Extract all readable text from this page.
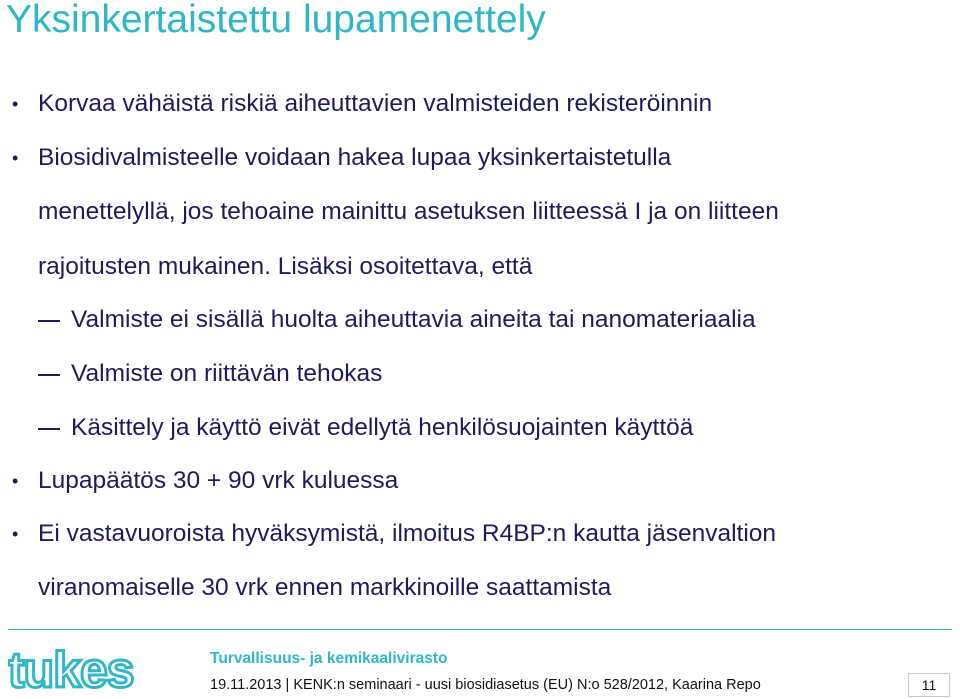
Yksinkertaistettu lupamenettely
• Korvaa vähäistä riskiä aiheuttavien valmisteiden rekisteröinnin
• Biosidivalmisteelle voidaan hakea lupaa yksinkertaistetulla
menettelyllä, jos tehoaine mainittu asetuksen liitteessä I ja on liitteen
rajoitusten mukainen. Lisäksi osoitettava, että
Valmiste ei sisällä huolta aiheuttavia aineita tai nanomateriaalia
Valmiste on riittävän tehokas
Käsittely ja käyttö eivät edellytä henkilösuojainten käyttöä
• Lupapäätös 30 + 90 vrk kuluessa
• Ei vastavuoroista hyväksymistä, ilmoitus R4BP:n kautta jäsenvaltion
viranomaiselle 30 vrk ennen markkinoille saattamista
tukes	Turvallisuus- ja kemikaalivirasto
19.11.2013 | KENK:n seminaari - uusi biosidiasetus (EU) N:o 528/2012, Kaarina Repo	11
